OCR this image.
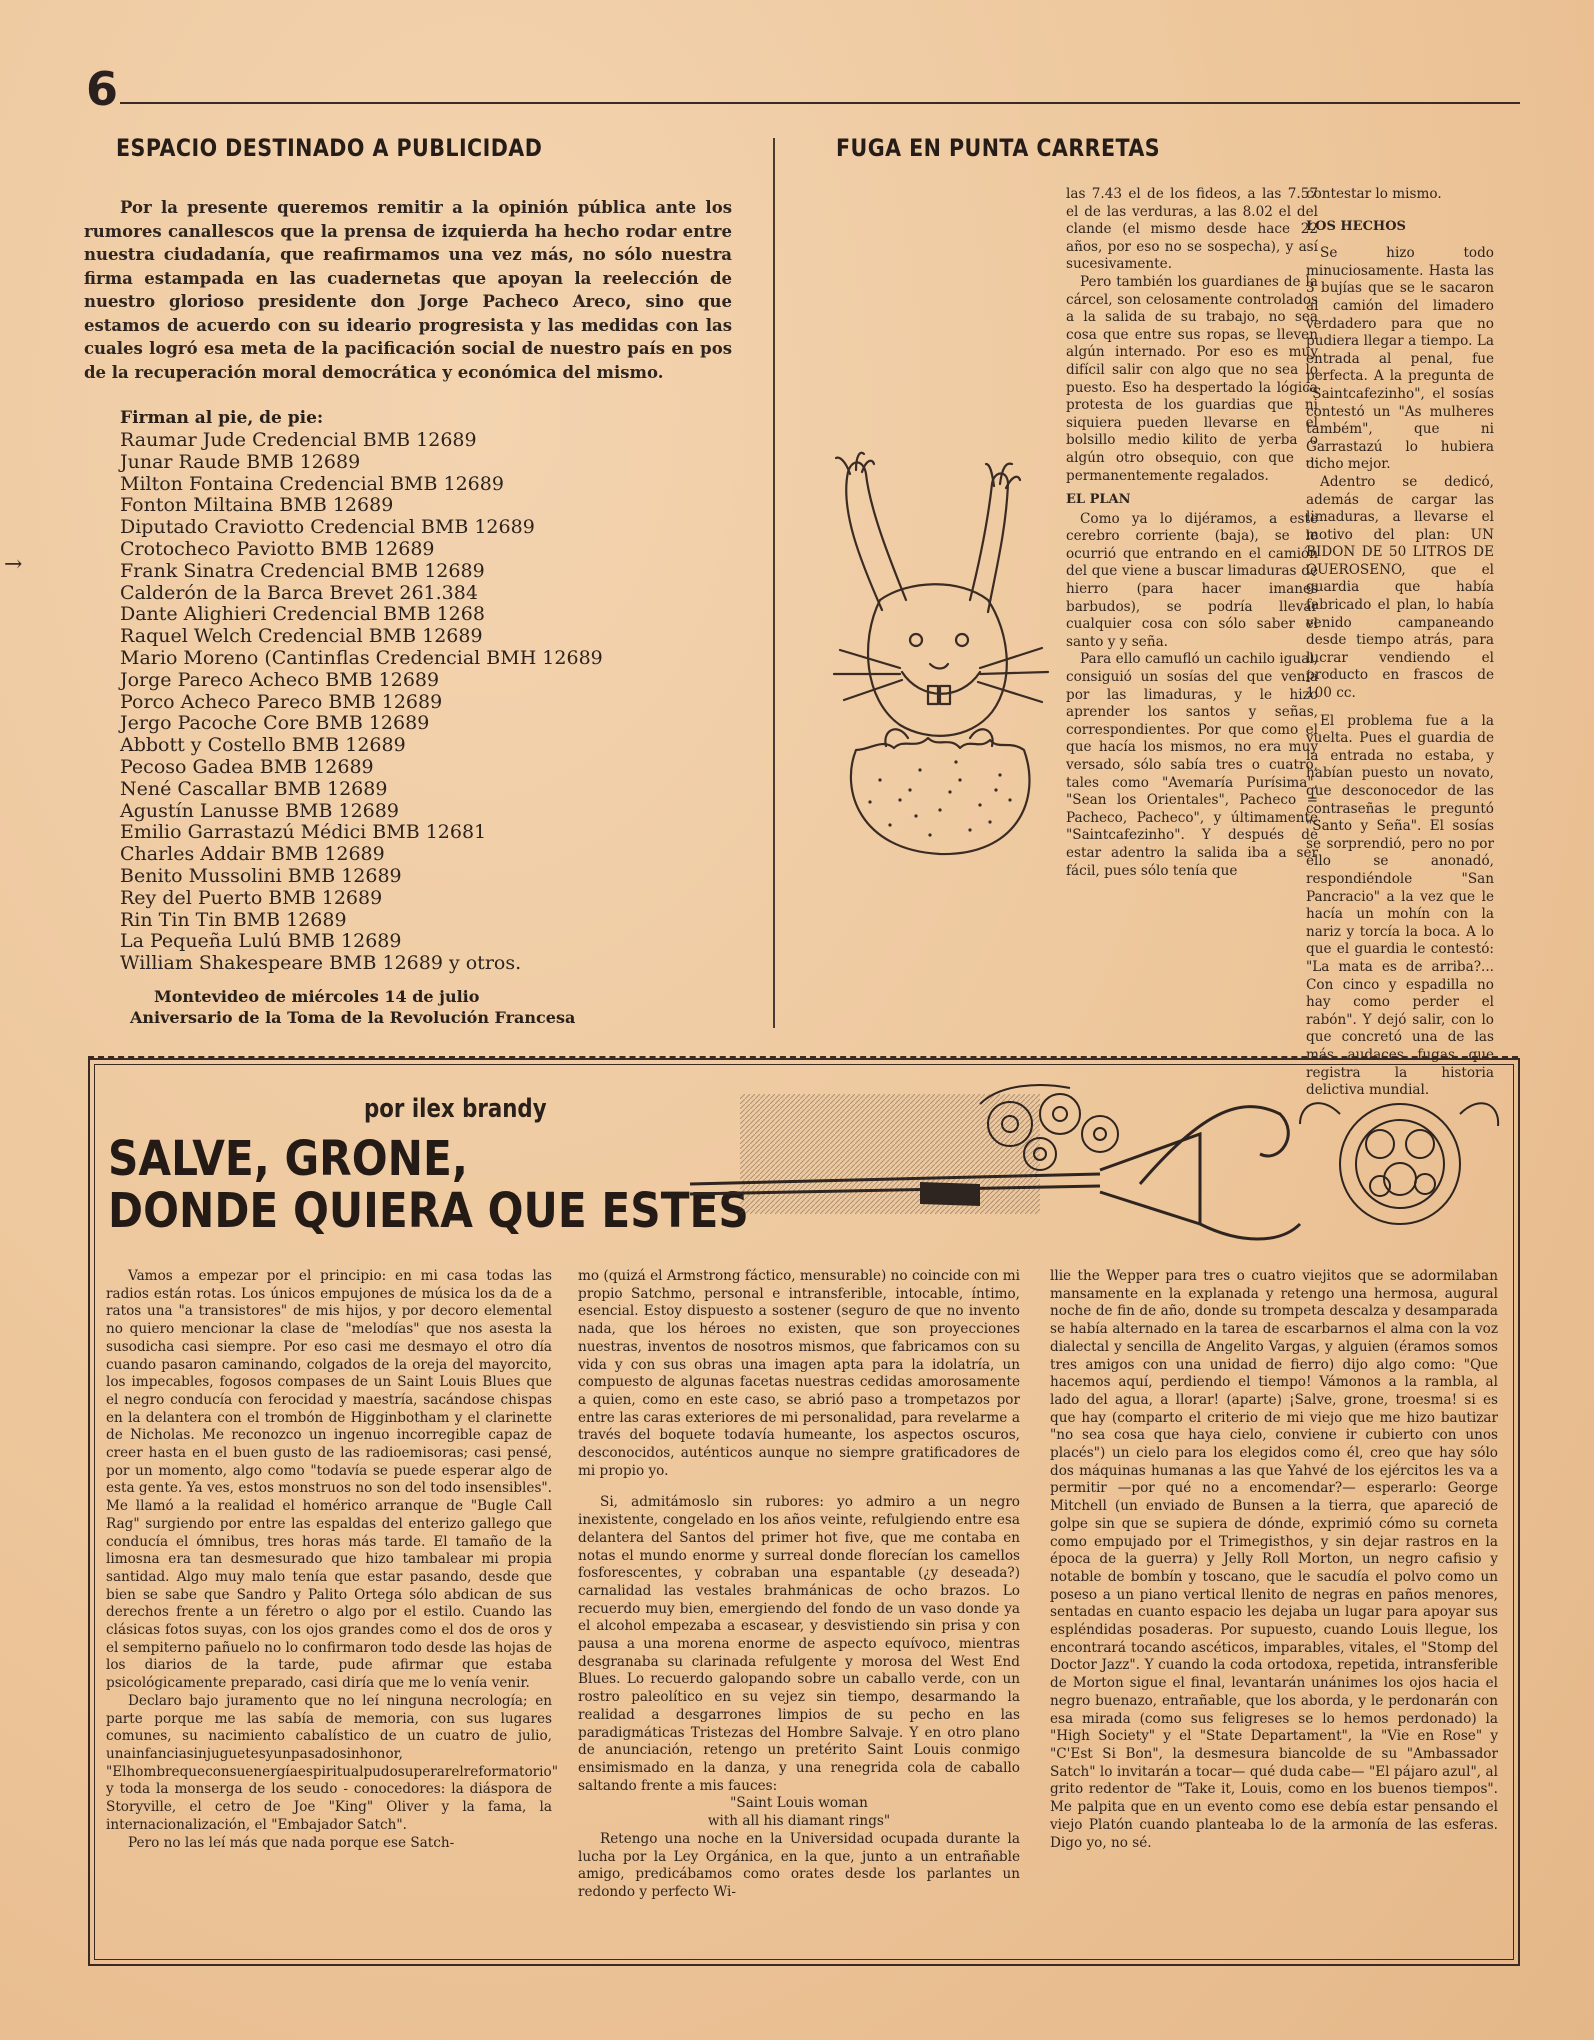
6
→
ESPACIO DESTINADO A PUBLICIDAD

Por la presente queremos remitir a la opinión pública ante los rumores canallescos que la prensa de izquierda ha hecho rodar entre nuestra ciudadanía, que reafirmamos una vez más, no sólo nuestra firma estampada en las cuadernetas que apoyan la reelección de nuestro glorioso presidente don Jorge Pacheco Areco, sino que estamos de acuerdo con su ideario progresista y las medidas con las cuales logró esa meta de la pacificación social de nuestro país en pos de la recuperación moral democrática y económica del mismo.

Firman al pie, de pie:
Raumar Jude Credencial BMB 12689
Junar Raude BMB 12689
Milton Fontaina Credencial BMB 12689
Fonton Miltaina BMB 12689
Diputado Craviotto Credencial BMB 12689
Crotocheco Paviotto BMB 12689
Frank Sinatra Credencial BMB 12689
Calderón de la Barca Brevet 261.384
Dante Alighieri Credencial BMB 1268
Raquel Welch Credencial BMB 12689
Mario Moreno (Cantinflas Credencial BMH 12689
Jorge Pareco Acheco BMB 12689
Porco Acheco Pareco BMB 12689
Jergo Pacoche Core BMB 12689
Abbott y Costello BMB 12689
Pecoso Gadea BMB 12689
Nené Cascallar BMB 12689
Agustín Lanusse BMB 12689
Emilio Garrastazú Médici BMB 12681
Charles Addair BMB 12689
Benito Mussolini BMB 12689
Rey del Puerto BMB 12689
Rin Tin Tin BMB 12689
La Pequeña Lulú BMB 12689
William Shakespeare BMB 12689 y otros.
Montevideo de miércoles 14 de julio
Aniversario de la Toma de la Revolución Francesa
FUGA EN PUNTA CARRETAS

las 7.43 el de los fideos, a las 7.57 el de las verduras, a las 8.02 el del clande (el mismo desde hace 22 años, por eso no se sospecha), y así sucesivamente.

Pero también los guardianes de la cárcel, son celosamente controlados a la salida de su trabajo, no sea cosa que entre sus ropas, se lleven algún internado. Por eso es muy difícil salir con algo que no sea lo puesto. Eso ha despertado la lógica protesta de los guardias que ni siquiera pueden llevarse en el bolsillo medio kilito de yerba o algún otro obsequio, con que ... permanentemente regalados.

EL PLAN

Como ya lo dijéramos, a este cerebro corriente (baja), se le ocurrió que entrando en el camión del que viene a buscar limaduras de hierro (para hacer imanes barbudos), se podría llevar cualquier cosa con sólo saber el santo y y seña.

Para ello camufló un cachilo igual, consiguió un sosías del que venía por las limaduras, y le hizo aprender los santos y señas, correspondientes. Por que como el que hacía los mismos, no era muy versado, sólo sabía tres o cuatro, tales como "Avemaría Purísima", "Sean los Orientales", Pacheco = Pacheco, Pacheco", y últimamente "Saintcafezinho". Y después de estar adentro la salida iba a ser fácil, pues sólo tenía que

contestar lo mismo.

LOS HECHOS

Se hizo todo minuciosamente. Hasta las 3 bujías que se le sacaron al camión del limadero verdadero para que no pudiera llegar a tiempo. La entrada al penal, fue perfecta. A la pregunta de "Saintcafezinho", el sosías contestó un "As mulheres também", que ni Garrastazú lo hubiera dicho mejor.

Adentro se dedicó, además de cargar las limaduras, a llevarse el motivo del plan: UN BIDON DE 50 LITROS DE QUEROSENO, que el guardia que había fabricado el plan, lo había venido campaneando desde tiempo atrás, para lucrar vendiendo el producto en frascos de 100 cc.

El problema fue a la vuelta. Pues el guardia de la entrada no estaba, y habían puesto un novato, que desconocedor de las contraseñas le preguntó "Santo y Seña". El sosías se sorprendió, pero no por ello se anonadó, respondiéndole "San Pancracio" a la vez que le hacía un mohín con la nariz y torcía la boca. A lo que el guardia le contestó: "La mata es de arriba?... Con cinco y espadilla no hay como perder el rabón". Y dejó salir, con lo que concretó una de las más audaces fugas que registra la historia delictiva mundial.

por ilex brandy
SALVE, GRONE,
DONDE QUIERA QUE ESTES

Vamos a empezar por el principio: en mi casa todas las radios están rotas. Los únicos empujones de música los da de a ratos una "a transistores" de mis hijos, y por decoro elemental no quiero mencionar la clase de "melodías" que nos asesta la susodicha casi siempre. Por eso casi me desmayo el otro día cuando pasaron caminando, colgados de la oreja del mayorcito, los impecables, fogosos compases de un Saint Louis Blues que el negro conducía con ferocidad y maestría, sacándose chispas en la delantera con el trombón de Higginbotham y el clarinette de Nicholas. Me reconozco un ingenuo incorregible capaz de creer hasta en el buen gusto de las radioemisoras; casi pensé, por un momento, algo como "todavía se puede esperar algo de esta gente. Ya ves, estos monstruos no son del todo insensibles". Me llamó a la realidad el homérico arranque de "Bugle Call Rag" surgiendo por entre las espaldas del enterizo gallego que conducía el ómnibus, tres horas más tarde. El tamaño de la limosna era tan desmesurado que hizo tambalear mi propia santidad. Algo muy malo tenía que estar pasando, desde que bien se sabe que Sandro y Palito Ortega sólo abdican de sus derechos frente a un féretro o algo por el estilo. Cuando las clásicas fotos suyas, con los ojos grandes como el dos de oros y el sempiterno pañuelo no lo confirmaron todo desde las hojas de los diarios de la tarde, pude afirmar que estaba psicológicamente preparado, casi diría que me lo venía venir.

Declaro bajo juramento que no leí ninguna necrología; en parte porque me las sabía de memoria, con sus lugares comunes, su nacimiento cabalístico de un cuatro de julio, unainfanciasinjuguetesyunpasadosinhonor, "Elhombrequeconsuenergíaespiritualpudosuperarelreformatorio" y toda la monserga de los seudo - conocedores: la diáspora de Storyville, el cetro de Joe "King" Oliver y la fama, la internacionalización, el "Embajador Satch".

Pero no las leí más que nada porque ese Satch-

mo (quizá el Armstrong fáctico, mensurable) no coincide con mi propio Satchmo, personal e intransferible, intocable, íntimo, esencial. Estoy dispuesto a sostener (seguro de que no invento nada, que los héroes no existen, que son proyecciones nuestras, inventos de nosotros mismos, que fabricamos con su vida y con sus obras una imagen apta para la idolatría, un compuesto de algunas facetas nuestras cedidas amorosamente a quien, como en este caso, se abrió paso a trompetazos por entre las caras exteriores de mi personalidad, para revelarme a través del boquete todavía humeante, los aspectos oscuros, desconocidos, auténticos aunque no siempre gratificadores de mi propio yo.

Si, admitámoslo sin rubores: yo admiro a un negro inexistente, congelado en los años veinte, refulgiendo entre esa delantera del Santos del primer hot five, que me contaba en notas el mundo enorme y surreal donde florecían los camellos fosforescentes, y cobraban una espantable (¿y deseada?) carnalidad las vestales brahmánicas de ocho brazos. Lo recuerdo muy bien, emergiendo del fondo de un vaso donde ya el alcohol empezaba a escasear, y desvistiendo sin prisa y con pausa a una morena enorme de aspecto equívoco, mientras desgranaba su clarinada refulgente y morosa del West End Blues. Lo recuerdo galopando sobre un caballo verde, con un rostro paleolítico en su vejez sin tiempo, desarmando la realidad a desgarrones limpios de su pecho en las paradigmáticas Tristezas del Hombre Salvaje. Y en otro plano de anunciación, retengo un pretérito Saint Louis conmigo ensimismado en la danza, y una renegrida cola de caballo saltando frente a mis fauces:

"Saint Louis woman

with all his diamant rings"

Retengo una noche en la Universidad ocupada durante la lucha por la Ley Orgánica, en la que, junto a un entrañable amigo, predicábamos como orates desde los parlantes un redondo y perfecto Wi-

llie the Wepper para tres o cuatro viejitos que se adormilaban mansamente en la explanada y retengo una hermosa, augural noche de fin de año, donde su trompeta descalza y desamparada se había alternado en la tarea de escarbarnos el alma con la voz dialectal y sencilla de Angelito Vargas, y alguien (éramos somos tres amigos con una unidad de fierro) dijo algo como: "Que hacemos aquí, perdiendo el tiempo! Vámonos a la rambla, al lado del agua, a llorar! (aparte) ¡Salve, grone, troesma! si es que hay (comparto el criterio de mi viejo que me hizo bautizar "no sea cosa que haya cielo, conviene ir cubierto con unos placés") un cielo para los elegidos como él, creo que hay sólo dos máquinas humanas a las que Yahvé de los ejércitos les va a permitir —por qué no a encomendar?— esperarlo: George Mitchell (un enviado de Bunsen a la tierra, que apareció de golpe sin que se supiera de dónde, exprimió cómo su corneta como empujado por el Trimegisthos, y sin dejar rastros en la época de la guerra) y Jelly Roll Morton, un negro cafisio y notable de bombín y toscano, que le sacudía el polvo como un poseso a un piano vertical llenito de negras en paños menores, sentadas en cuanto espacio les dejaba un lugar para apoyar sus espléndidas posaderas. Por supuesto, cuando Louis llegue, los encontrará tocando ascéticos, imparables, vitales, el "Stomp del Doctor Jazz". Y cuando la coda ortodoxa, repetida, intransferible de Morton sigue el final, levantarán unánimes los ojos hacia el negro buenazo, entrañable, que los aborda, y le perdonarán con esa mirada (como sus feligreses se lo hemos perdonado) la "High Society" y el "State Departament", la "Vie en Rose" y "C'Est Si Bon", la desmesura biancolde de su "Ambassador Satch" lo invitarán a tocar— qué duda cabe— "El pájaro azul", al grito redentor de "Take it, Louis, como en los buenos tiempos". Me palpita que en un evento como ese debía estar pensando el viejo Platón cuando planteaba lo de la armonía de las esferas. Digo yo, no sé.
